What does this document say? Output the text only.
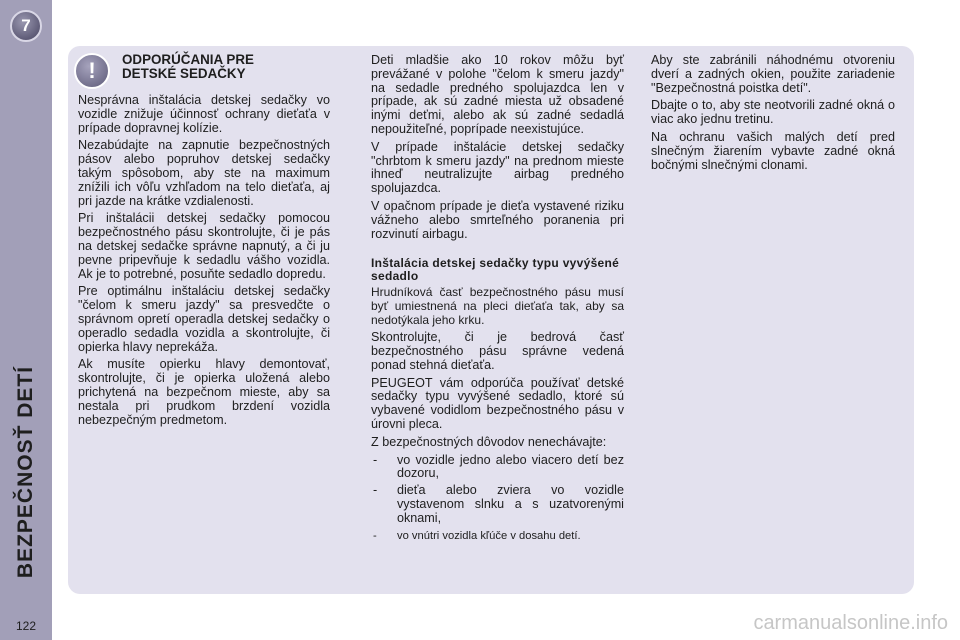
7
BEZPEČNOSŤ DETÍ
122
! ODPORÚČANIA PRE
DETSKÉ SEDAČKY

Nesprávna inštalácia detskej sedačky vo vozidle znižuje účinnosť ochrany dieťaťa v prípade dopravnej kolízie.

Nezabúdajte na zapnutie bezpečnostných pásov alebo popruhov detskej sedačky takým spôsobom, aby ste na maximum znížili ich vôľu vzhľadom na telo dieťaťa, aj pri jazde na krátke vzdialenosti.

Pri inštalácii detskej sedačky pomocou bezpečnostného pásu skontrolujte, či je pás na detskej sedačke správne napnutý, a či ju pevne pripevňuje k sedadlu vášho vozidla. Ak je to potrebné, posuňte sedadlo dopredu.

Pre optimálnu inštaláciu detskej sedačky "čelom k smeru jazdy" sa presvedčte o správnom opretí operadla detskej sedačky o operadlo sedadla vozidla a skontrolujte, či opierka hlavy neprekáža.

Ak musíte opierku hlavy demontovať, skontrolujte, či je opierka uložená alebo prichytená na bezpečnom mieste, aby sa nestala pri prudkom brzdení vozidla nebezpečným predmetom.

Deti mladšie ako 10 rokov môžu byť prevážané v polohe "čelom k smeru jazdy" na sedadle predného spolujazdca len v prípade, ak sú zadné miesta už obsadené inými deťmi, alebo ak sú zadné sedadlá nepoužiteľné, poprípade neexistujúce.

V prípade inštalácie detskej sedačky "chrbtom k smeru jazdy" na prednom mieste ihneď neutralizujte airbag predného spolujazdca.

V opačnom prípade je dieťa vystavené riziku vážneho alebo smrteľného poranenia pri rozvinutí airbagu.

Inštalácia detskej sedačky typu vyvýšené sedadlo

Hrudníková časť bezpečnostného pásu musí byť umiestnená na pleci dieťaťa tak, aby sa nedotýkala jeho krku.

Skontrolujte, či je bedrová časť bezpečnostného pásu správne vedená ponad stehná dieťaťa.

PEUGEOT vám odporúča používať detské sedačky typu vyvýšené sedadlo, ktoré sú vybavené vodidlom bezpečnostného pásu v úrovni pleca.

Z bezpečnostných dôvodov nenechávajte:

- vo vozidle jedno alebo viacero detí bez dozoru,
- dieťa alebo zviera vo vozidle vystavenom slnku a s uzatvorenými oknami,
- vo vnútri vozidla kľúče v dosahu detí.

Aby ste zabránili náhodnému otvoreniu dverí a zadných okien, použite zariadenie "Bezpečnostná poistka detí".

Dbajte o to, aby ste neotvorili zadné okná o viac ako jednu tretinu.

Na ochranu vašich malých detí pred slnečným žiarením vybavte zadné okná bočnými slnečnými clonami.

carmanualsonline.info
